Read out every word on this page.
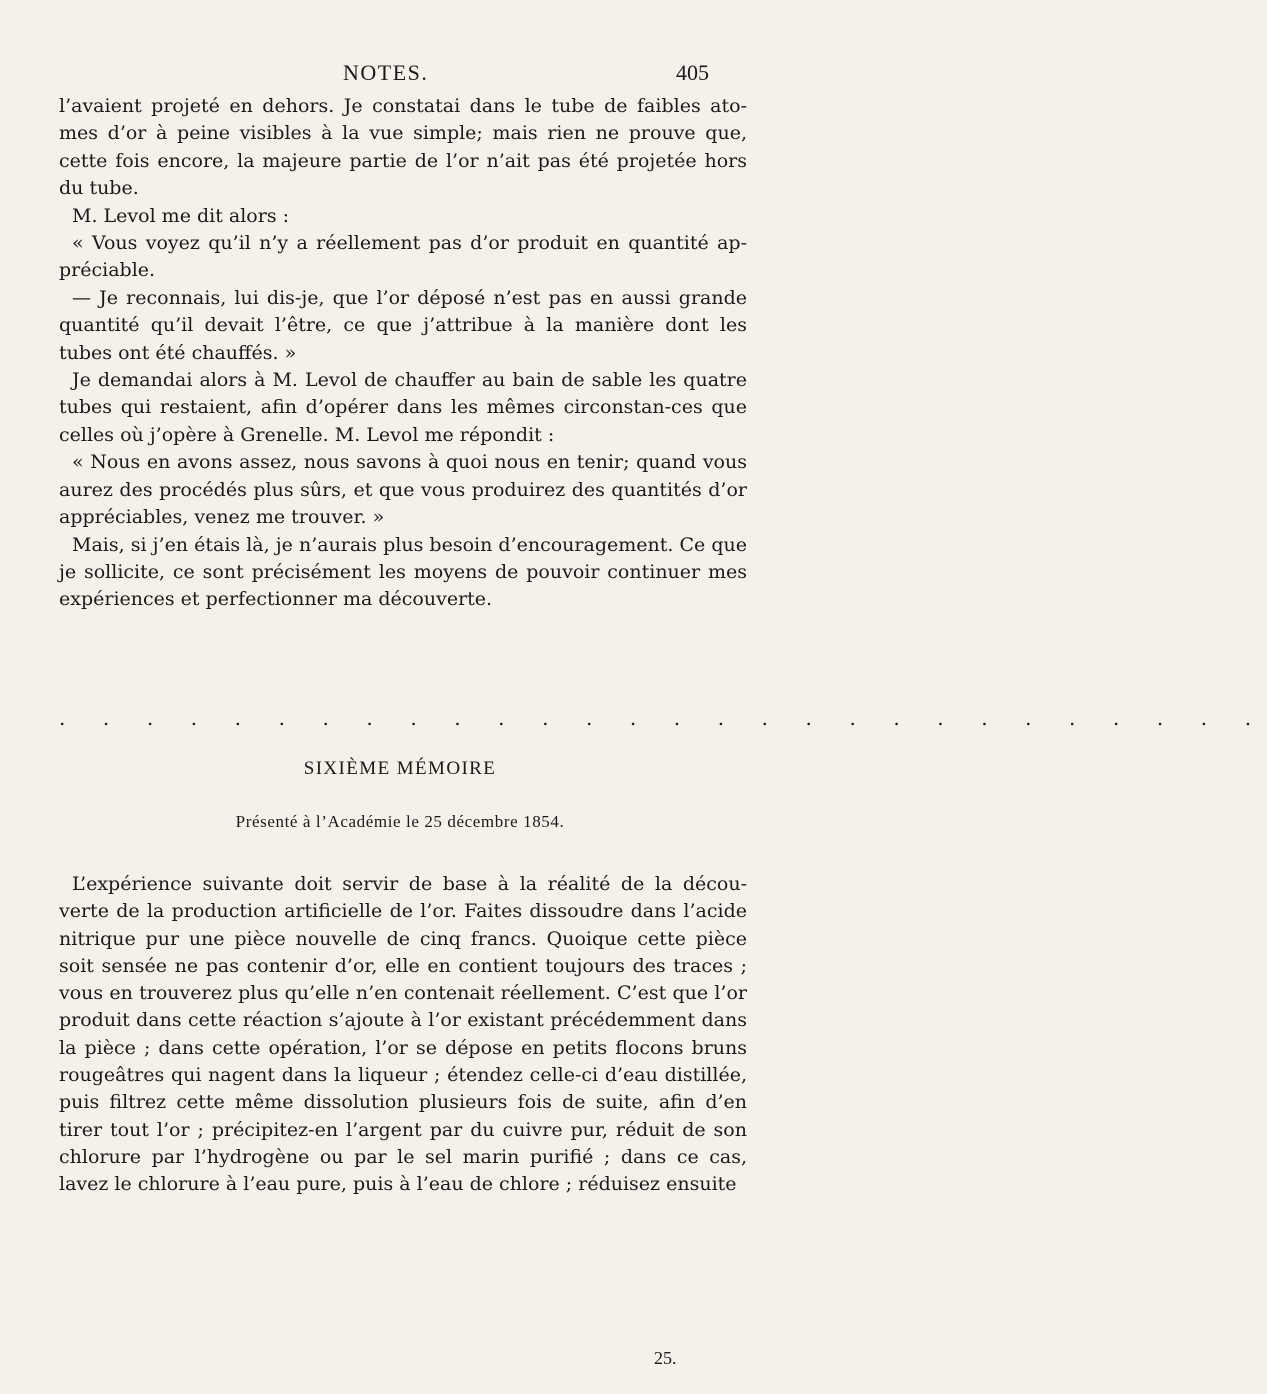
NOTES.	405

l’avaient projeté en dehors. Je constatai dans le tube de faibles ato-mes d’or à peine visibles à la vue simple; mais rien ne prouve que, cette fois encore, la majeure partie de l’or n’ait pas été projetée hors du tube.

M. Levol me dit alors :

« Vous voyez qu’il n’y a réellement pas d’or produit en quantité ap-préciable.

— Je reconnais, lui dis-je, que l’or déposé n’est pas en aussi grande quantité qu’il devait l’être, ce que j’attribue à la manière dont les tubes ont été chauffés. »

Je demandai alors à M. Levol de chauffer au bain de sable les quatre tubes qui restaient, afin d’opérer dans les mêmes circonstan-ces que celles où j’opère à Grenelle. M. Levol me répondit :

« Nous en avons assez, nous savons à quoi nous en tenir; quand vous aurez des procédés plus sûrs, et que vous produirez des quantités d’or appréciables, venez me trouver. »

Mais, si j’en étais là, je n’aurais plus besoin d’encouragement. Ce que je sollicite, ce sont précisément les moyens de pouvoir continuer mes expériences et perfectionner ma découverte.

. . . . . . . . . . . . . . . . . . . . . . . . . . . .
SIXIÈME MÉMOIRE
Présenté à l’Académie le 25 décembre 1854.

L’expérience suivante doit servir de base à la réalité de la décou-verte de la production artificielle de l’or. Faites dissoudre dans l’acide nitrique pur une pièce nouvelle de cinq francs. Quoique cette pièce soit sensée ne pas contenir d’or, elle en contient toujours des traces ; vous en trouverez plus qu’elle n’en contenait réellement. C’est que l’or produit dans cette réaction s’ajoute à l’or existant précédemment dans la pièce ; dans cette opération, l’or se dépose en petits flocons bruns rougeâtres qui nagent dans la liqueur ; étendez celle-ci d’eau distillée, puis filtrez cette même dissolution plusieurs fois de suite, afin d’en tirer tout l’or ; précipitez-en l’argent par du cuivre pur, réduit de son chlorure par l’hydrogène ou par le sel marin purifié ; dans ce cas, lavez le chlorure à l’eau pure, puis à l’eau de chlore ; réduisez ensuite

25.
